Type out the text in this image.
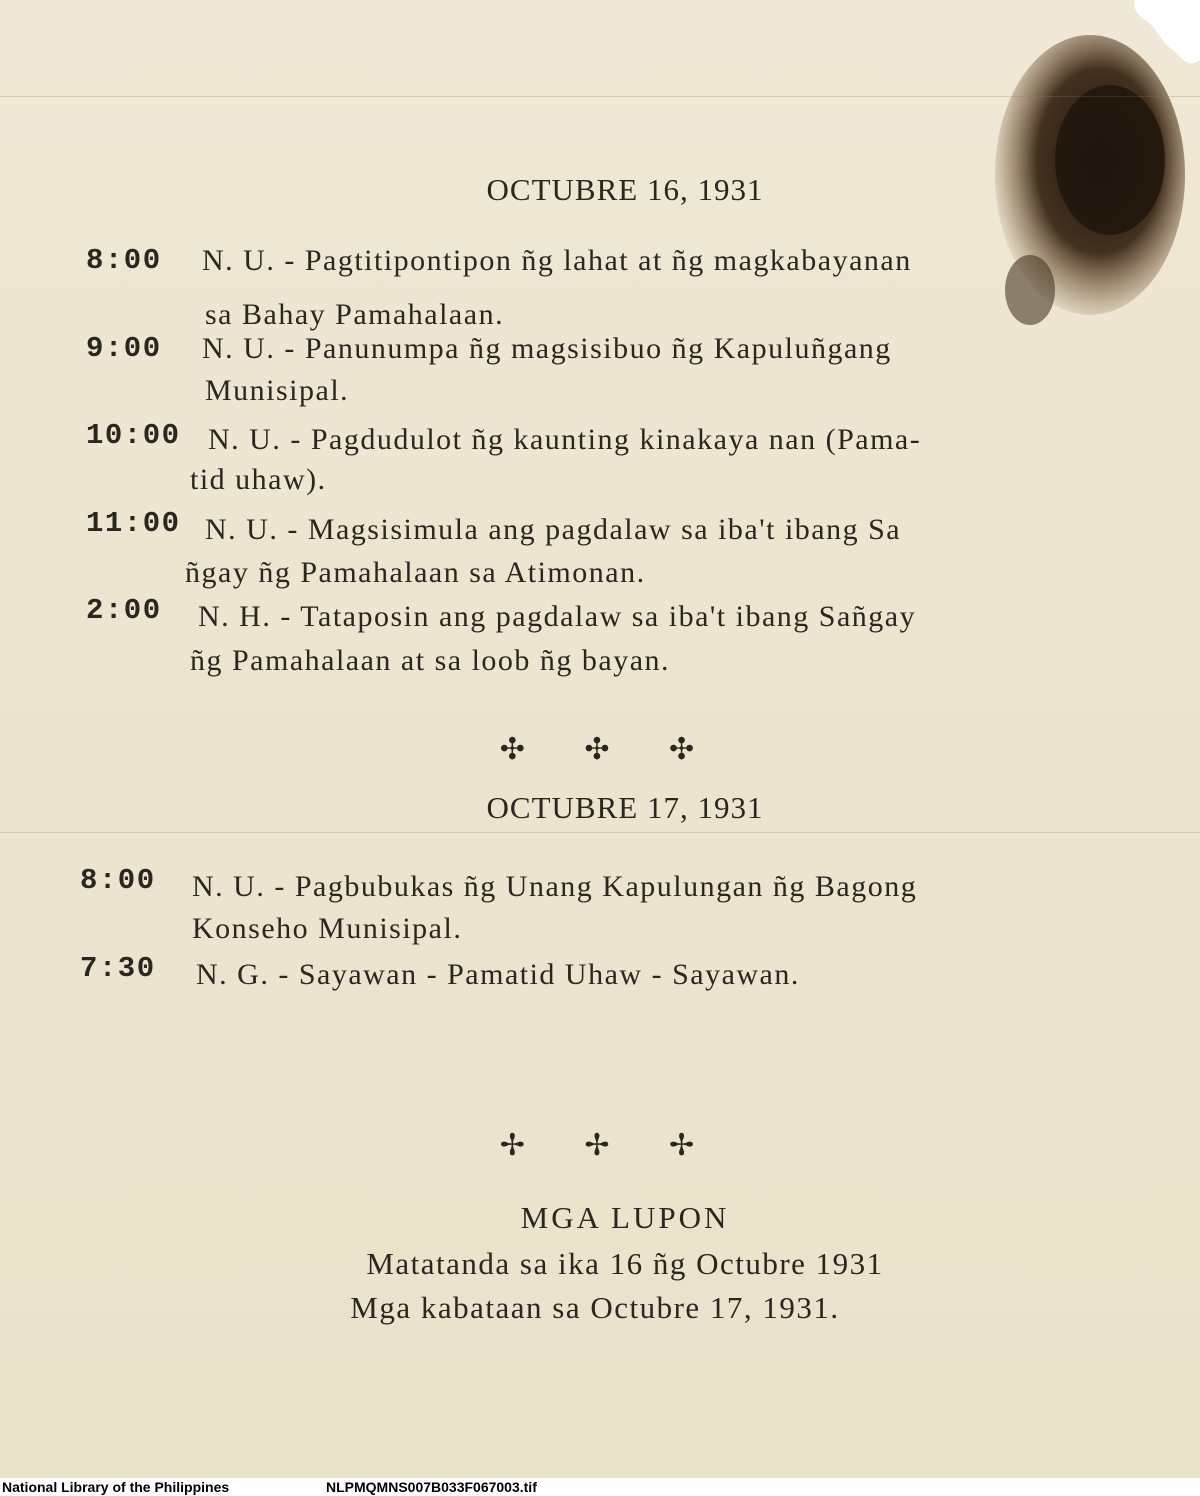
OCTUBRE 16, 1931
8:00 N. U. - Pagtitipontipon ñg lahat at ñg magkabayanan
sa Bahay Pamahalaan.
9:00 N. U. - Panunumpa ñg magsisibuo ñg Kapuluñgang
Munisipal.
10:00 N. U. - Pagdudulot ñg kaunting kinakaya nan (Pama-
tid uhaw).
11:00 N. U. - Magsisimula ang pagdalaw sa iba't ibang Sa
ñgay ñg Pamahalaan sa Atimonan.
2:00 N. H. - Tataposin ang pagdalaw sa iba't ibang Sañgay
ñg Pamahalaan at sa loob ñg bayan.
✣ ✣ ✣
OCTUBRE 17, 1931
8:00 N. U. - Pagbubukas ñg Unang Kapulungan ñg Bagong
Konseho Munisipal.
7:30 N. G. - Sayawan - Pamatid Uhaw - Sayawan.
✢ ✢ ✢
MGA LUPON
Matatanda sa ika 16 ñg Octubre 1931
Mga kabataan sa Octubre 17, 1931.
National Library of the Philippines	NLPMQMNS007B033F067003.tif
